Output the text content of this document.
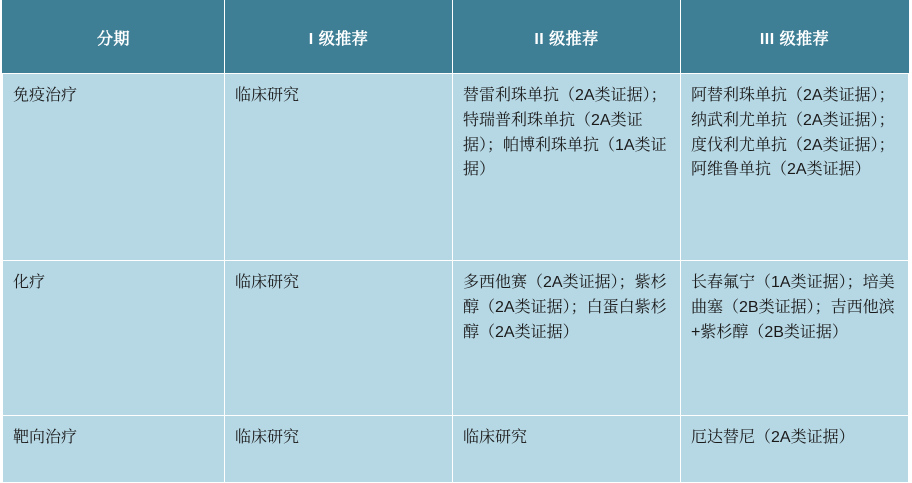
分期	I 级推荐	II 级推荐	III 级推荐
免疫治疗	临床研究	替雷利珠单抗（2A类证据）；特瑞普利珠单抗（2A类证据）；帕博利珠单抗（1A类证据）	阿替利珠单抗（2A类证据）；纳武利尤单抗（2A类证据）；度伐利尤单抗（2A类证据）；阿维鲁单抗（2A类证据）
化疗	临床研究	多西他赛（2A类证据）；紫杉醇（2A类证据）；白蛋白紫杉醇（2A类证据）	长春氟宁（1A类证据）；培美曲塞（2B类证据）；吉西他滨+紫杉醇（2B类证据）
靶向治疗	临床研究	临床研究	厄达替尼（2A类证据）
